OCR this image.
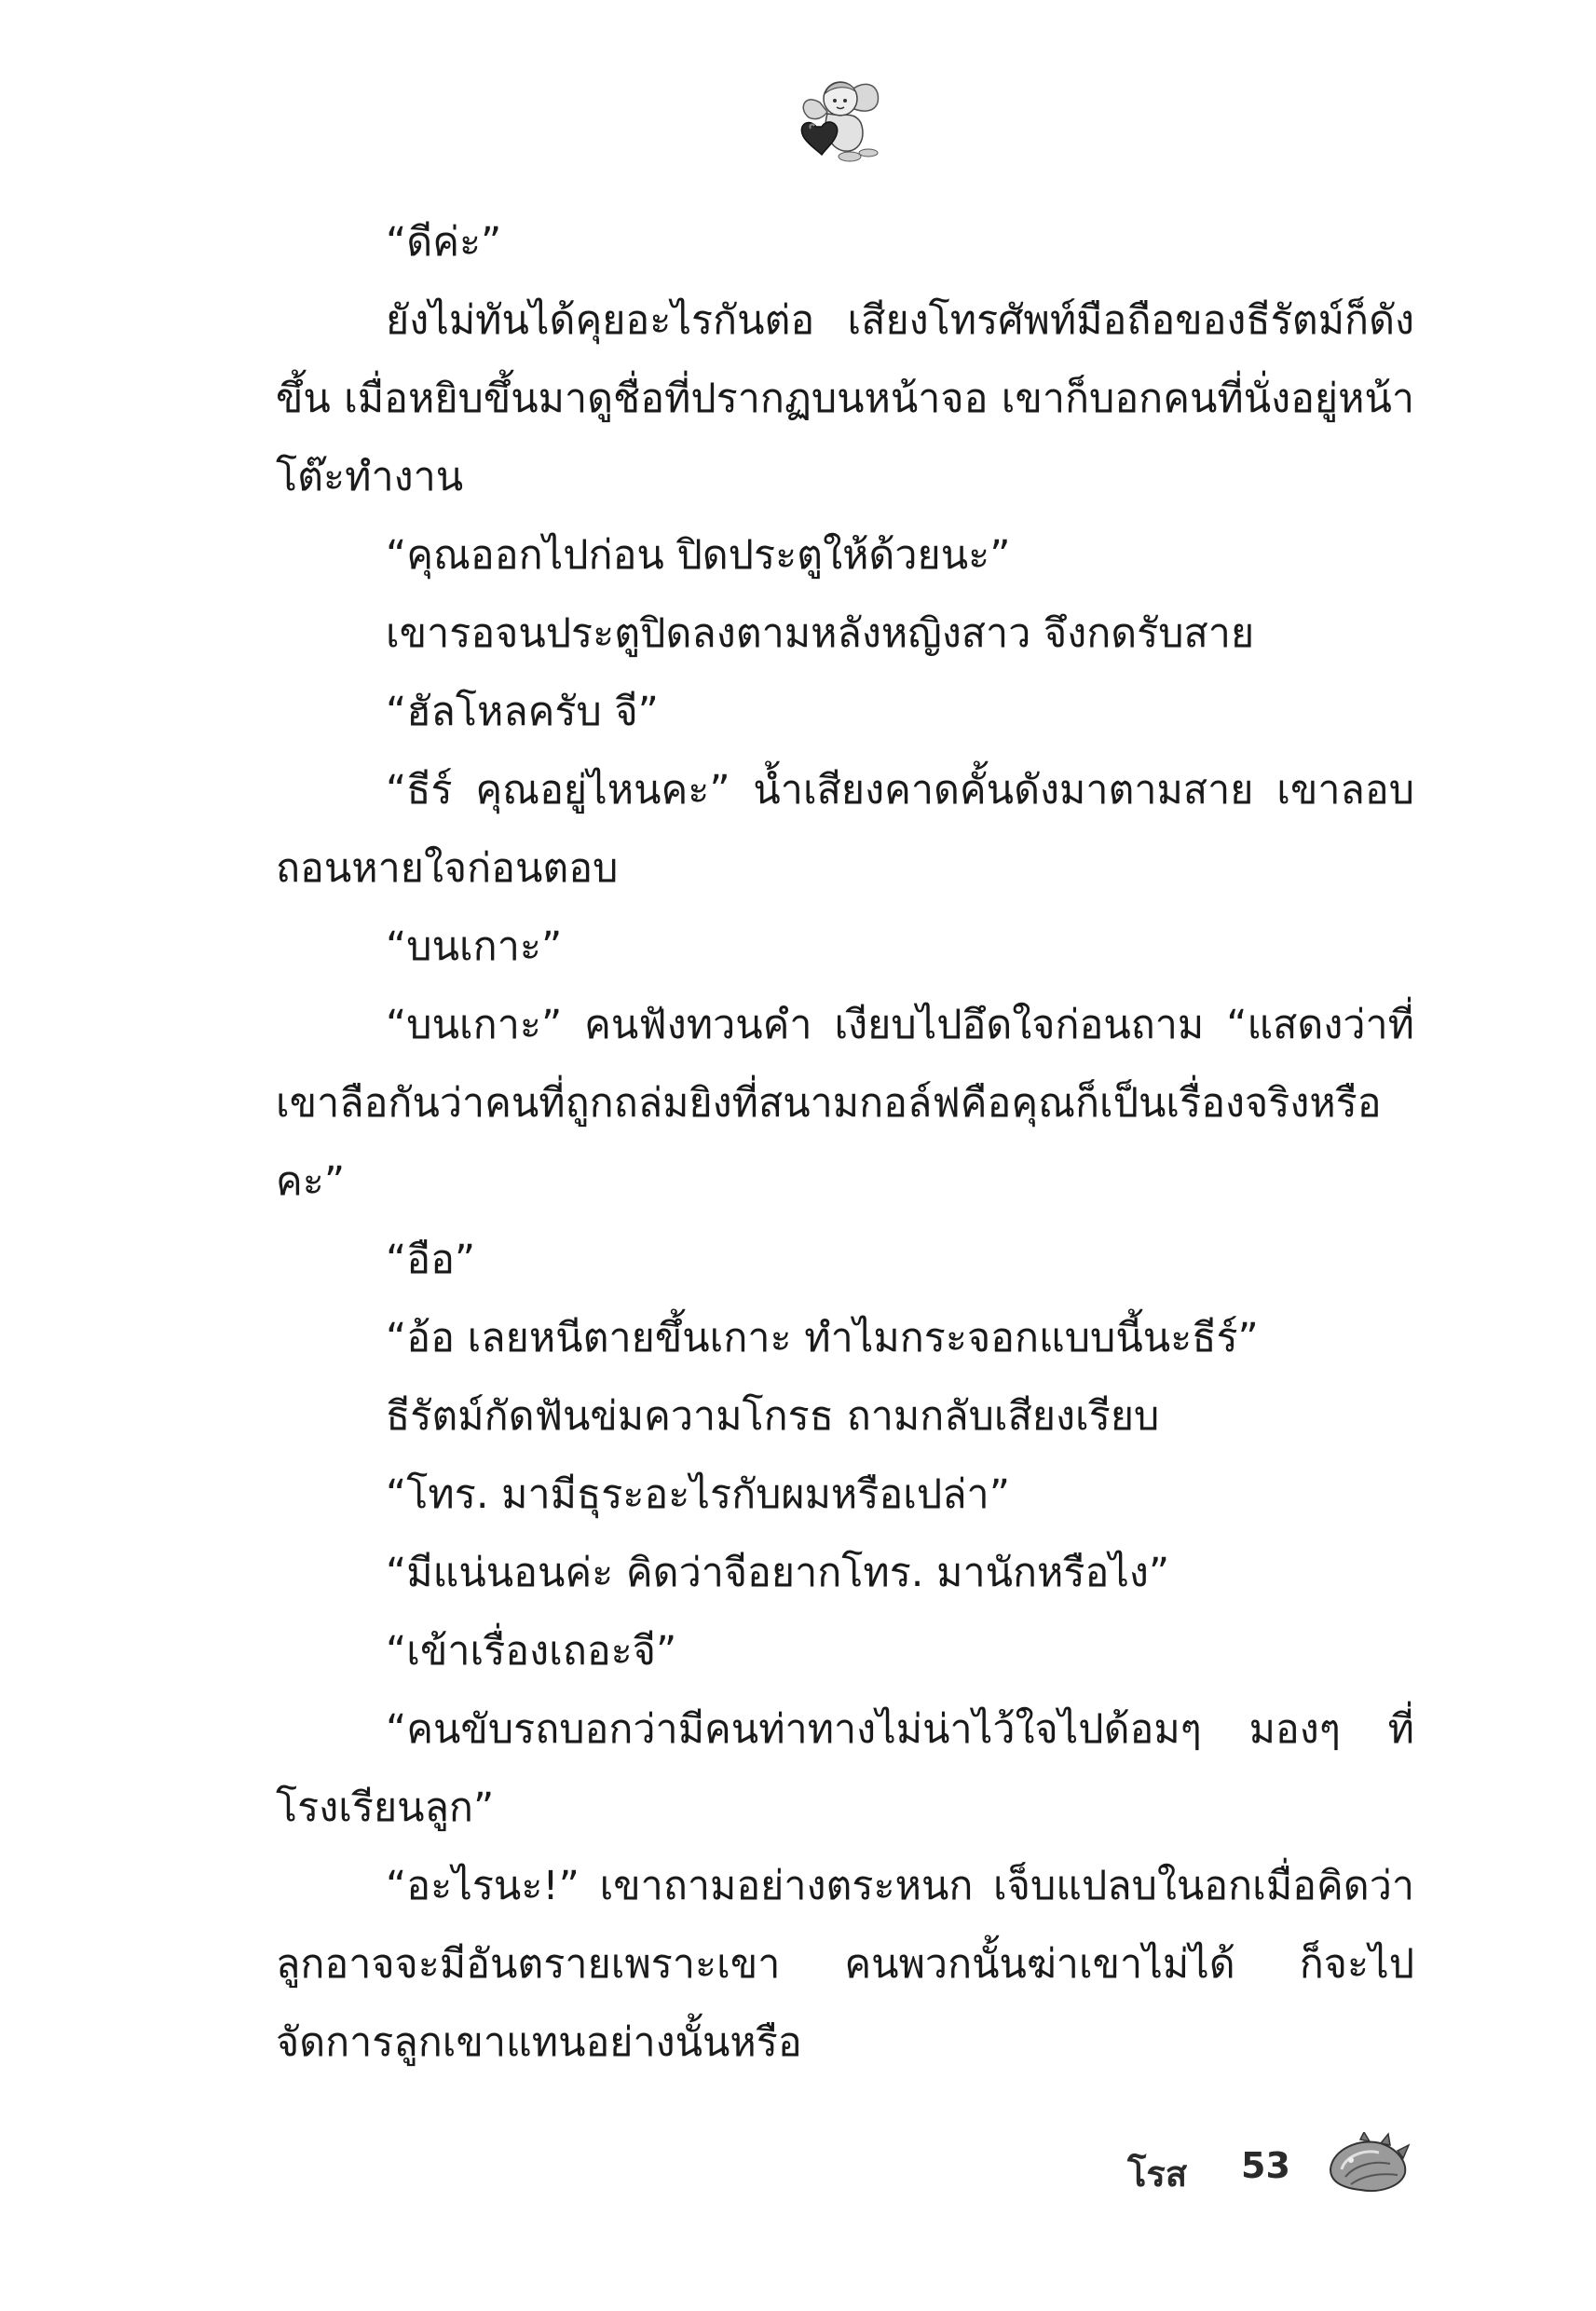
“ดีค่ะ”

ยังไม่ทันได้คุยอะไรกันต่อ เสียงโทรศัพท์มือถือของธีรัตม์ก็ดังขึ้น เมื่อหยิบขึ้นมาดูชื่อที่ปรากฏบนหน้าจอ เขาก็บอกคนที่นั่งอยู่หน้าโต๊ะทำงาน

“คุณออกไปก่อน ปิดประตูให้ด้วยนะ”

เขารอจนประตูปิดลงตามหลังหญิงสาว จึงกดรับสาย

“ฮัลโหลครับ จี”

“ธีร์ คุณอยู่ไหนคะ” น้ำเสียงคาดคั้นดังมาตามสาย เขาลอบถอนหายใจก่อนตอบ

“บนเกาะ”

“บนเกาะ” คนฟังทวนคำ เงียบไปอึดใจก่อนถาม “แสดงว่าที่เขาลือกันว่าคนที่ถูกถล่มยิงที่สนามกอล์ฟคือคุณก็เป็นเรื่องจริงหรือคะ”

“อือ”

“อ้อ เลยหนีตายขึ้นเกาะ ทำไมกระจอกแบบนี้นะธีร์”

ธีรัตม์กัดฟันข่มความโกรธ ถามกลับเสียงเรียบ

“โทร. มามีธุระอะไรกับผมหรือเปล่า”

“มีแน่นอนค่ะ คิดว่าจีอยากโทร. มานักหรือไง”

“เข้าเรื่องเถอะจี”

“คนขับรถบอกว่ามีคนท่าทางไม่น่าไว้ใจไปด้อมๆ มองๆ ที่โรงเรียนลูก”

“อะไรนะ!” เขาถามอย่างตระหนก เจ็บแปลบในอกเมื่อคิดว่าลูกอาจจะมีอันตรายเพราะเขา คนพวกนั้นฆ่าเขาไม่ได้ ก็จะไปจัดการลูกเขาแทนอย่างนั้นหรือ

โรส 53
